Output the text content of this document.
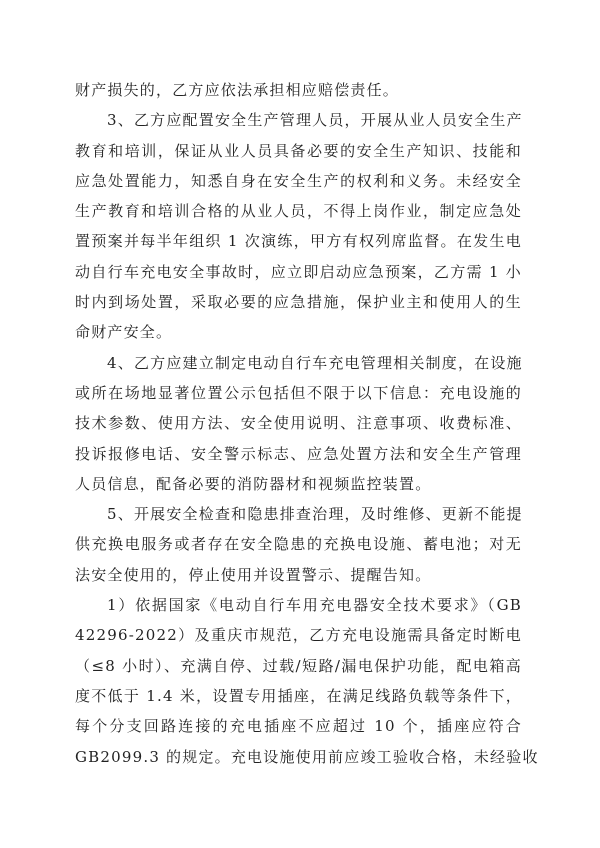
财产损失的，乙方应依法承担相应赔偿责任。
3、乙方应配置安全生产管理人员，开展从业人员安全生产
教育和培训，保证从业人员具备必要的安全生产知识、技能和
应急处置能力，知悉自身在安全生产的权利和义务。未经安全
生产教育和培训合格的从业人员，不得上岗作业，制定应急处
置预案并每半年组织 1 次演练，甲方有权列席监督。在发生电
动自行车充电安全事故时，应立即启动应急预案，乙方需 1 小
时内到场处置，采取必要的应急措施，保护业主和使用人的生
命财产安全。
4、乙方应建立制定电动自行车充电管理相关制度，在设施
或所在场地显著位置公示包括但不限于以下信息：充电设施的
技术参数、使用方法、安全使用说明、注意事项、收费标准、
投诉报修电话、安全警示标志、应急处置方法和安全生产管理
人员信息，配备必要的消防器材和视频监控装置。
5、开展安全检查和隐患排查治理，及时维修、更新不能提
供充换电服务或者存在安全隐患的充换电设施、蓄电池；对无
法安全使用的，停止使用并设置警示、提醒告知。
1）依据国家《电动自行车用充电器安全技术要求》（GB
42296-2022）及重庆市规范，乙方充电设施需具备定时断电
（≤8 小时）、充满自停、过载/短路/漏电保护功能，配电箱高
度不低于 1.4 米，设置专用插座，在满足线路负载等条件下，
每个分支回路连接的充电插座不应超过 10 个，插座应符合
GB2099.3 的规定。充电设施使用前应竣工验收合格，未经验收
